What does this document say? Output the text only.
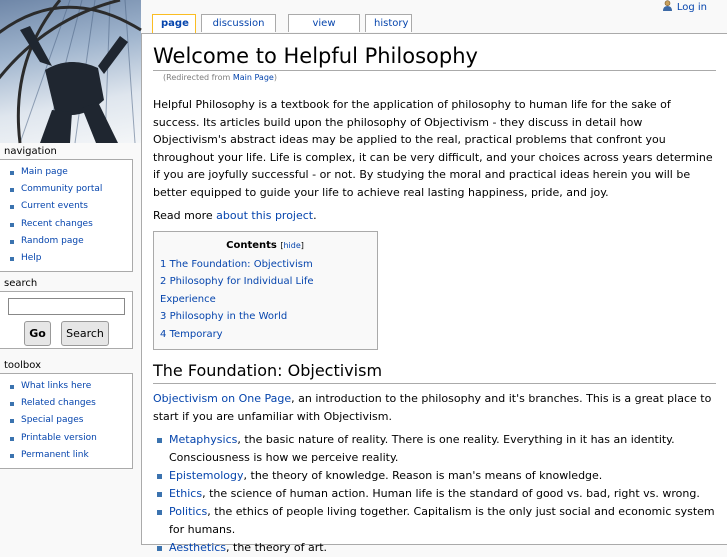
Log in
page	discussion	view	history
Welcome to Helpful Philosophy
(Redirected from Main Page)

Helpful Philosophy is a textbook for the application of philosophy to human life for the sake of success. Its articles build upon the philosophy of Objectivism - they discuss in detail how Objectivism's abstract ideas may be applied to the real, practical problems that confront you throughout your life. Life is complex, it can be very difficult, and your choices across years determine if you are joyfully successful - or not. By studying the moral and practical ideas herein you will be better equipped to guide your life to achieve real lasting happiness, pride, and joy.

Read more about this project.

Contents [hide]
1 The Foundation: Objectivism
2 Philosophy for Individual Life Experience
3 Philosophy in the World
4 Temporary
The Foundation: Objectivism

Objectivism on One Page, an introduction to the philosophy and it's branches. This is a great place to start if you are unfamiliar with Objectivism.

Metaphysics, the basic nature of reality. There is one reality. Everything in it has an identity. Consciousness is how we perceive reality.
Epistemology, the theory of knowledge. Reason is man's means of knowledge.
Ethics, the science of human action. Human life is the standard of good vs. bad, right vs. wrong.
Politics, the ethics of people living together. Capitalism is the only just social and economic system for humans.
Aesthetics, the theory of art.
navigation
Main page
Community portal
Current events
Recent changes
Random page
Help
search
Go	Search
toolbox
What links here
Related changes
Special pages
Printable version
Permanent link
